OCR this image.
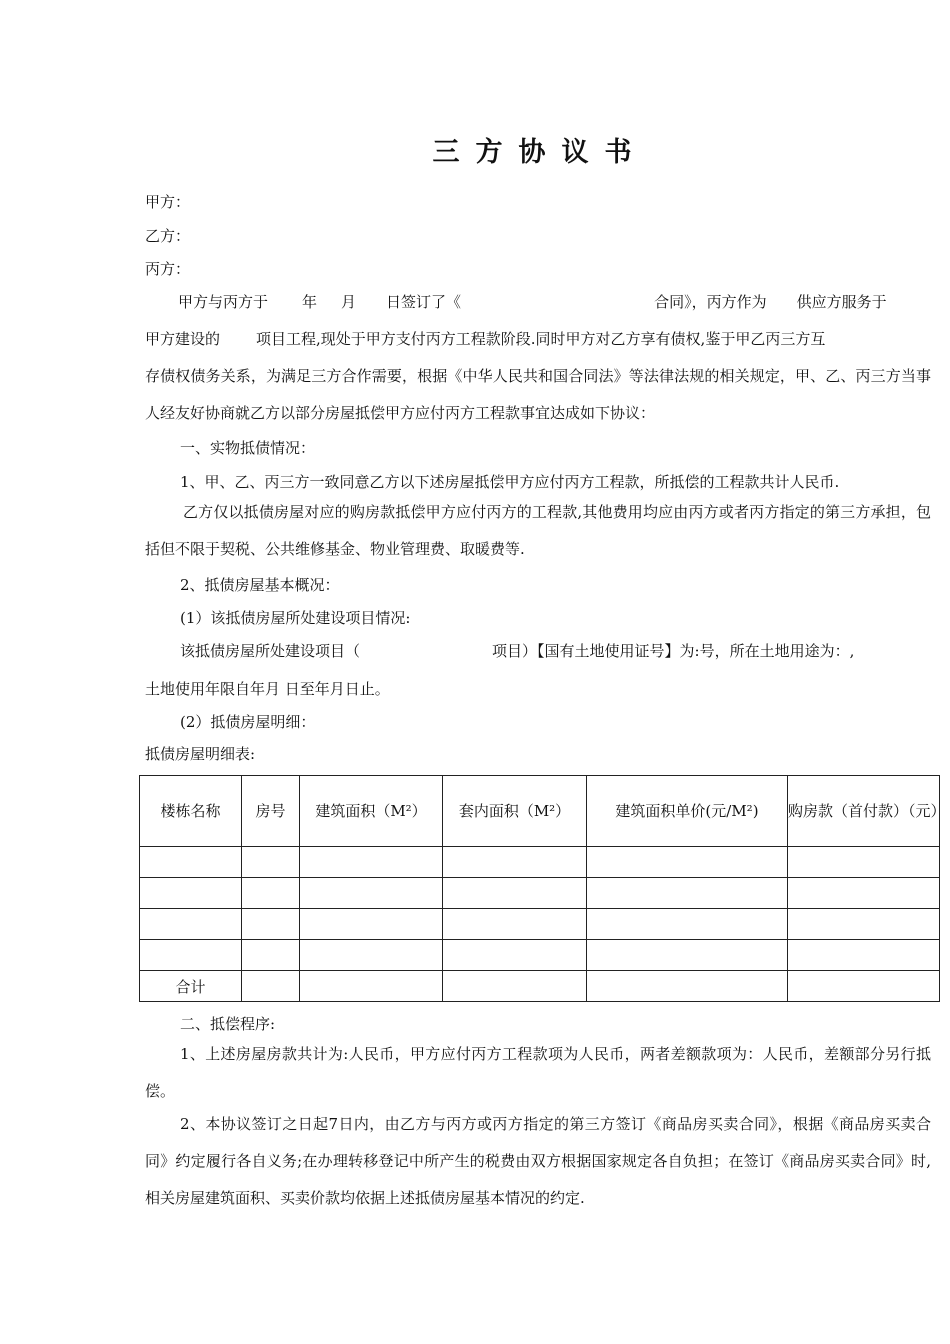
三方协议书
甲方：
乙方：
丙方：
甲方与丙方于 年 月 日签订了《	合同》，丙方作为 供应方服务于
甲方建设的 项目工程,现处于甲方支付丙方工程款阶段.同时甲方对乙方享有债权,鉴于甲乙丙三方互
存债权债务关系，为满足三方合作需要，根据《中华人民共和国合同法》等法律法规的相关规定，甲、乙、丙三方当事人经友好协商就乙方以部分房屋抵偿甲方应付丙方工程款事宜达成如下协议：
一、实物抵债情况：
1、甲、乙、丙三方一致同意乙方以下述房屋抵偿甲方应付丙方工程款，所抵偿的工程款共计人民币.
乙方仅以抵债房屋对应的购房款抵偿甲方应付丙方的工程款,其他费用均应由丙方或者丙方指定的第三方承担，包括但不限于契税、公共维修基金、物业管理费、取暖费等.
2、抵债房屋基本概况：
(1）该抵债房屋所处建设项目情况:
该抵债房屋所处建设项目（	项目）【国有土地使用证号】为:号，所在土地用途为：,
土地使用年限自年月 日至年月日止。
(2）抵债房屋明细：
抵债房屋明细表:
楼栋名称	房号	建筑面积（M²）	套内面积（M²）	建筑面积单价(元/M²)	购房款（首付款）（元）

合计					
二、抵偿程序:
1、上述房屋房款共计为:人民币，甲方应付丙方工程款项为人民币，两者差额款项为：人民币，差额部分另行抵偿。
2、本协议签订之日起7日内，由乙方与丙方或丙方指定的第三方签订《商品房买卖合同》，根据《商品房买卖合同》约定履行各自义务;在办理转移登记中所产生的税费由双方根据国家规定各自负担；在签订《商品房买卖合同》时,相关房屋建筑面积、买卖价款均依据上述抵债房屋基本情况的约定.
